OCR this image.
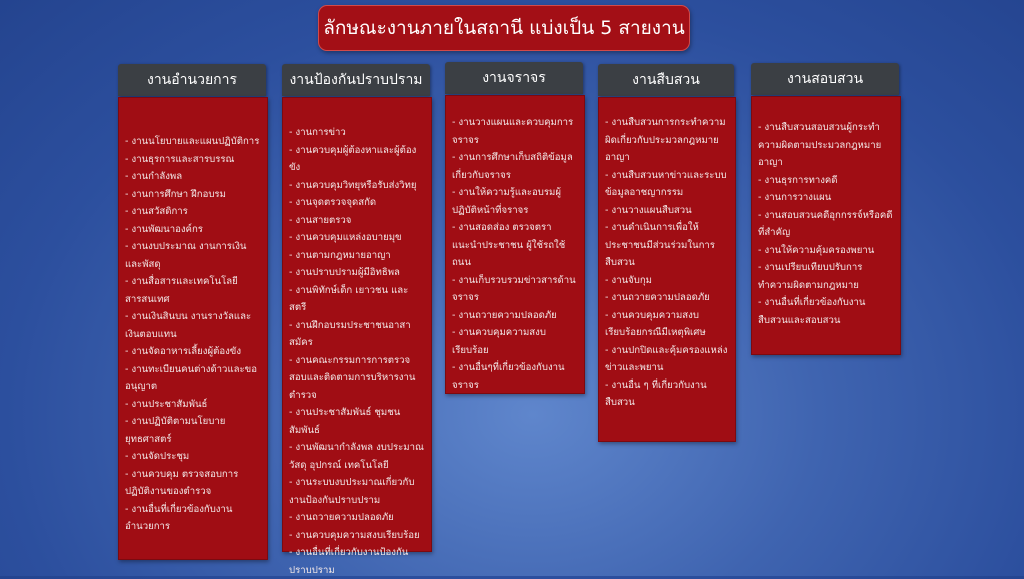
ลักษณะงานภายในสถานี แบ่งเป็น 5 สายงาน
งานอำนวยการ
- งานนโยบายและแผนปฏิบัติการ
- งานธุรการและสารบรรณ
- งานกำลังพล
- งานการศึกษา ฝึกอบรม
- งานสวัสดิการ
- งานพัฒนาองค์กร
- งานงบประมาณ งานการเงินและพัสดุ
- งานสื่อสารและเทคโนโลยีสารสนเทศ
- งานเงินสินบน งานรางวัลและเงินตอบแทน
- งานจัดอาหารเลี้ยงผู้ต้องขัง
- งานทะเบียนคนต่างด้าวและขออนุญาต
- งานประชาสัมพันธ์
- งานปฏิบัติตามนโยบายยุทธศาสตร์
- งานจัดประชุม
- งานควบคุม ตรวจสอบการปฏิบัติงานของตำรวจ
- งานอื่นที่เกี่ยวข้องกับงานอำนวยการ
งานป้องกันปราบปราม
- งานการข่าว
- งานควบคุมผู้ต้องหาและผู้ต้องขัง
- งานควบคุมวิทยุหรือรับส่งวิทยุ
- งานจุดตรวจจุดสกัด
- งานสายตรวจ
- งานควบคุมแหล่งอบายมุข
- งานตามกฎหมายอาญา
- งานปราบปรามผู้มีอิทธิพล
- งานพิทักษ์เด็ก เยาวชน และสตรี
- งานฝึกอบรมประชาชนอาสาสมัคร
- งานคณะกรรมการการตรวจสอบและติดตามการบริหารงานตำรวจ
- งานประชาสัมพันธ์ ชุมชนสัมพันธ์
- งานพัฒนากำลังพล งบประมาณ วัสดุ อุปกรณ์ เทคโนโลยี
- งานระบบงบประมาณเกี่ยวกับงานป้องกันปราบปราม
- งานถวายความปลอดภัย
- งานควบคุมความสงบเรียบร้อย
- งานอื่นที่เกี่ยวกับงานป้องกันปราบปราม
งานจราจร
- งานวางแผนและควบคุมการจราจร
- งานการศึกษาเก็บสถิติข้อมูลเกี่ยวกับจราจร
- งานให้ความรู้และอบรมผู้ปฏิบัติหน้าที่จราจร
- งานสอดส่อง ตรวจตรา แนะนำประชาชน ผู้ใช้รถใช้ถนน
- งานเก็บรวบรวมข่าวสารด้านจราจร
- งานถวายความปลอดภัย
- งานควบคุมความสงบเรียบร้อย
- งานอื่นๆที่เกี่ยวข้องกับงานจราจร
งานสืบสวน
- งานสืบสวนการกระทำความผิดเกี่ยวกับประมวลกฎหมายอาญา
- งานสืบสวนหาข่าวและระบบข้อมูลอาชญากรรม
- งานวางแผนสืบสวน
- งานดำเนินการเพื่อให้ประชาชนมีส่วนร่วมในการสืบสวน
- งานจับกุม
- งานถวายความปลอดภัย
- งานควบคุมความสงบเรียบร้อยกรณีมีเหตุพิเศษ
- งานปกปิดและคุ้มครองแหล่งข่าวและพยาน
- งานอื่น ๆ ที่เกี่ยวกับงานสืบสวน
งานสอบสวน
- งานสืบสวนสอบสวนผู้กระทำความผิดตามประมวลกฎหมายอาญา
- งานธุรการทางคดี
- งานการวางแผน
- งานสอบสวนคดีอุกกรรจ์หรือคดีที่สำคัญ
- งานให้ความคุ้มครองพยาน
- งานเปรียบเทียบปรับการทำความผิดตามกฎหมาย
- งานอื่นที่เกี่ยวข้องกับงานสืบสวนและสอบสวน
